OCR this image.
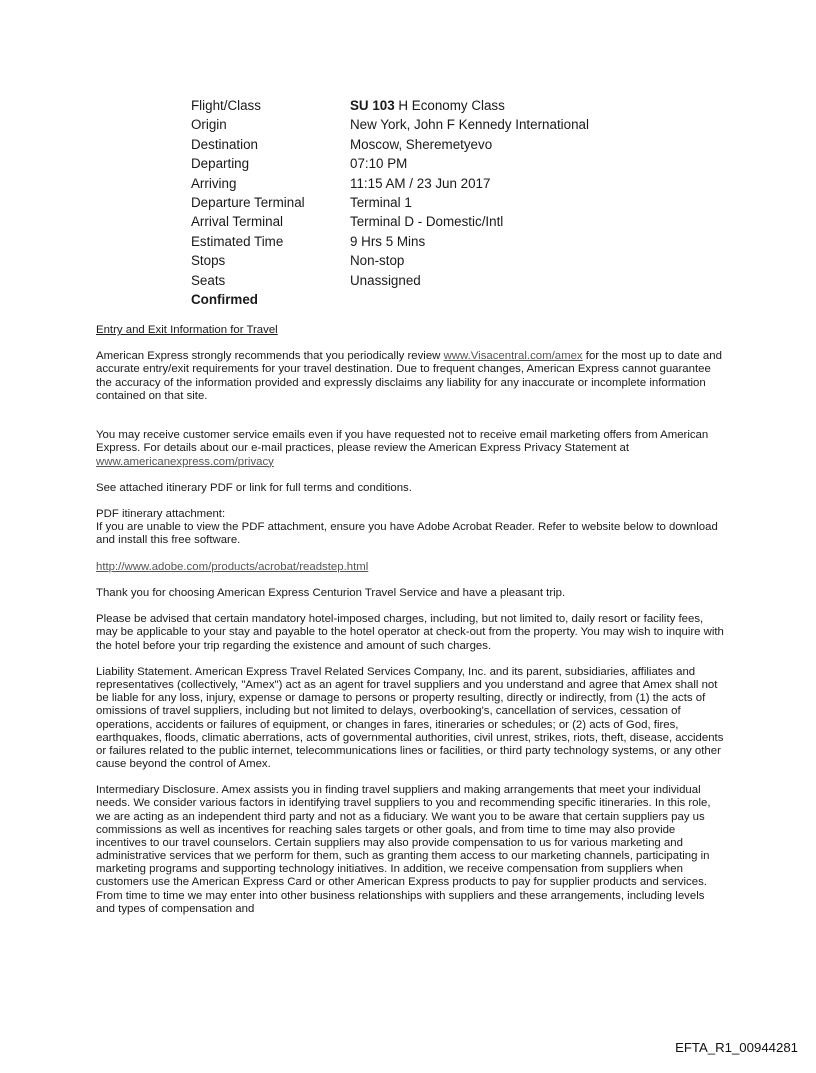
Flight/Class	SU 103 H Economy Class
Origin	New York, John F Kennedy International
Destination	Moscow, Sheremetyevo
Departing	07:10 PM
Arriving	11:15 AM / 23 Jun 2017
Departure Terminal	Terminal 1
Arrival Terminal	Terminal D - Domestic/Intl
Estimated Time	9 Hrs 5 Mins
Stops	Non-stop
Seats	Unassigned
Confirmed

Entry and Exit Information for Travel

American Express strongly recommends that you periodically review www.Visacentral.com/amex for the most up to date and accurate entry/exit requirements for your travel destination. Due to frequent changes, American Express cannot guarantee the accuracy of the information provided and expressly disclaims any liability for any inaccurate or incomplete information contained on that site.

You may receive customer service emails even if you have requested not to receive email marketing offers from American Express. For details about our e-mail practices, please review the American Express Privacy Statement at www.americanexpress.com/privacy

See attached itinerary PDF or link for full terms and conditions.

PDF itinerary attachment:
If you are unable to view the PDF attachment, ensure you have Adobe Acrobat Reader. Refer to website below to download and install this free software.

http://www.adobe.com/products/acrobat/readstep.html

Thank you for choosing American Express Centurion Travel Service and have a pleasant trip.

Please be advised that certain mandatory hotel-imposed charges, including, but not limited to, daily resort or facility fees, may be applicable to your stay and payable to the hotel operator at check-out from the property. You may wish to inquire with the hotel before your trip regarding the existence and amount of such charges.

Liability Statement. American Express Travel Related Services Company, Inc. and its parent, subsidiaries, affiliates and representatives (collectively, "Amex") act as an agent for travel suppliers and you understand and agree that Amex shall not be liable for any loss, injury, expense or damage to persons or property resulting, directly or indirectly, from (1) the acts of omissions of travel suppliers, including but not limited to delays, overbooking's, cancellation of services, cessation of operations, accidents or failures of equipment, or changes in fares, itineraries or schedules; or (2) acts of God, fires, earthquakes, floods, climatic aberrations, acts of governmental authorities, civil unrest, strikes, riots, theft, disease, accidents or failures related to the public internet, telecommunications lines or facilities, or third party technology systems, or any other cause beyond the control of Amex.

Intermediary Disclosure. Amex assists you in finding travel suppliers and making arrangements that meet your individual needs. We consider various factors in identifying travel suppliers to you and recommending specific itineraries. In this role, we are acting as an independent third party and not as a fiduciary. We want you to be aware that certain suppliers pay us commissions as well as incentives for reaching sales targets or other goals, and from time to time may also provide incentives to our travel counselors. Certain suppliers may also provide compensation to us for various marketing and administrative services that we perform for them, such as granting them access to our marketing channels, participating in marketing programs and supporting technology initiatives. In addition, we receive compensation from suppliers when customers use the American Express Card or other American Express products to pay for supplier products and services. From time to time we may enter into other business relationships with suppliers and these arrangements, including levels and types of compensation and

EFTA_R1_00944281
